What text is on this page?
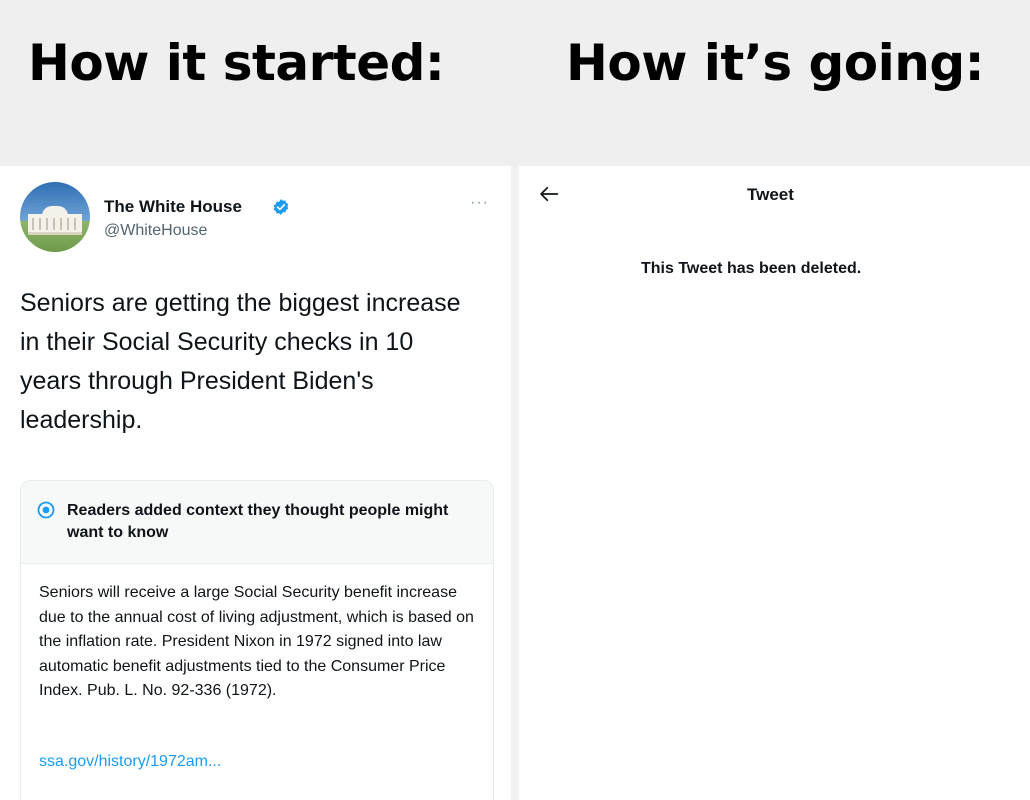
How it started: How it’s going:
The White House
@WhiteHouse
···
Seniors are getting the biggest increase in their Social Security checks in 10 years through President Biden's leadership.
Readers added context they thought people might want to know
Seniors will receive a large Social Security benefit increase due to the annual cost of living adjustment, which is based on the inflation rate. President Nixon in 1972 signed into law automatic benefit adjustments tied to the Consumer Price Index. Pub. L. No. 92-336 (1972).
ssa.gov/history/1972am...
Tweet
This Tweet has been deleted.
